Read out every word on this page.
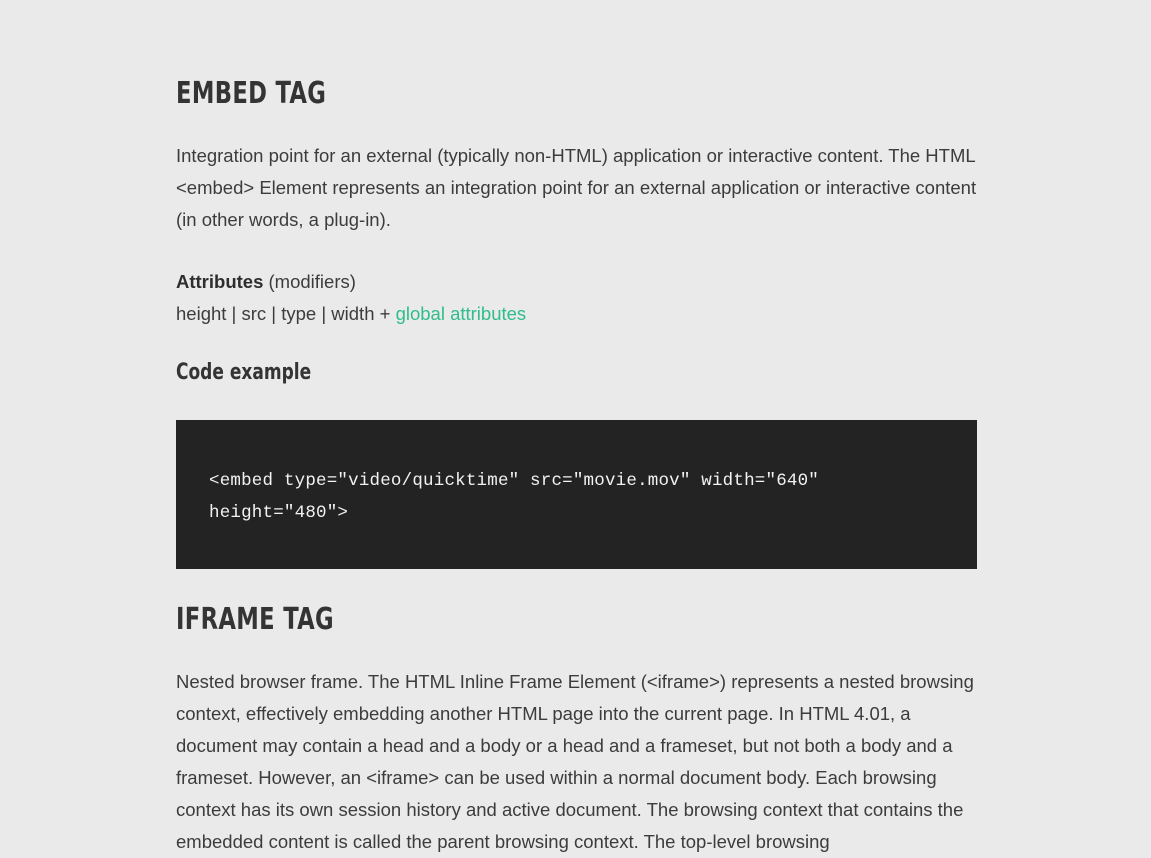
EMBED TAG

Integration point for an external (typically non-HTML) application or interactive content. The HTML <embed> Element represents an integration point for an external application or interactive content (in other words, a plug-in).

Attributes (modifiers)

height | src | type | width + global attributes

Code example
<embed type="video/quicktime" src="movie.mov" width="640" height="480">
IFRAME TAG

Nested browser frame. The HTML Inline Frame Element (<iframe>) represents a nested browsing context, effectively embedding another HTML page into the current page. In HTML 4.01, a document may contain a head and a body or a head and a frameset, but not both a body and a frameset. However, an <iframe> can be used within a normal document body. Each browsing context has its own session history and active document. The browsing context that contains the embedded content is called the parent browsing context. The top-level browsing
